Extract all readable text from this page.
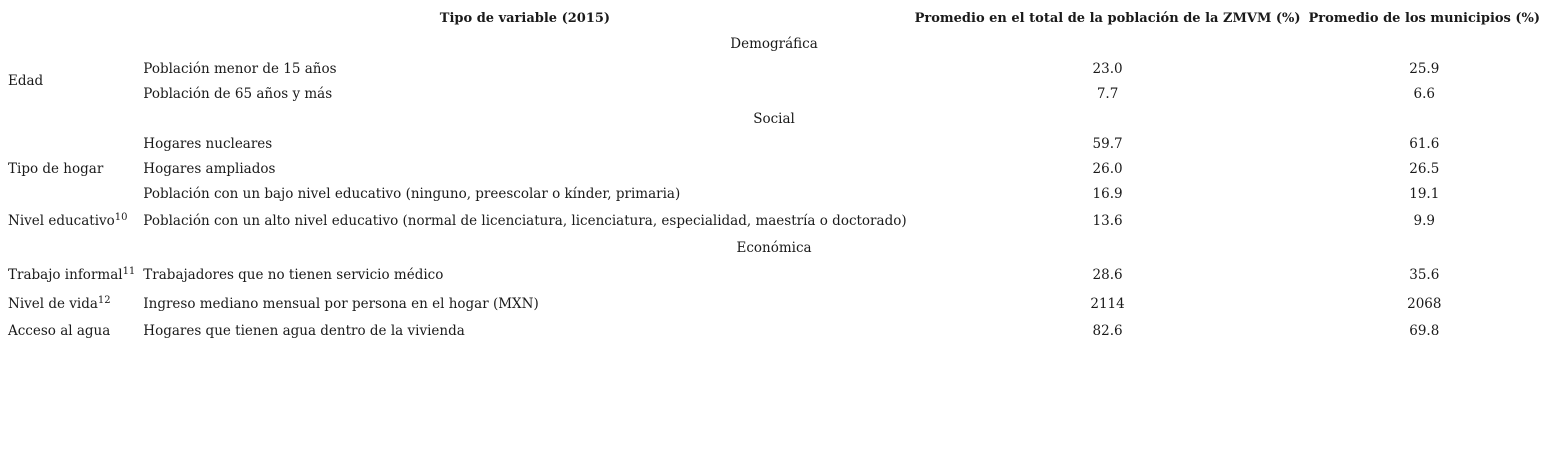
	Tipo de variable (2015)	Promedio en el total de la población de la ZMVM (%)	Promedio de los municipios (%)
Demográfica			
Edad	Población menor de 15 años	23.0	25.9
	Población de 65 años y más	7.7	6.6
Social			
Tipo de hogar	Hogares nucleares	59.7	61.6
	Hogares ampliados	26.0	26.5
	Población con un bajo nivel educativo (ninguno, preescolar o kínder, primaria)	16.9	19.1
Nivel educativo$^{10}$	Población con un alto nivel educativo (normal de licenciatura, licenciatura, especialidad, maestría o doctorado)	13.6	9.9
Económica			
Trabajo informal$^{11}$	Trabajadores que no tienen servicio médico	28.6	35.6
Nivel de vida$^{12}$	Ingreso mediano mensual por persona en el hogar (MXN)	2114	2068
Acceso al agua	Hogares que tienen agua dentro de la vivienda	82.6	69.8
